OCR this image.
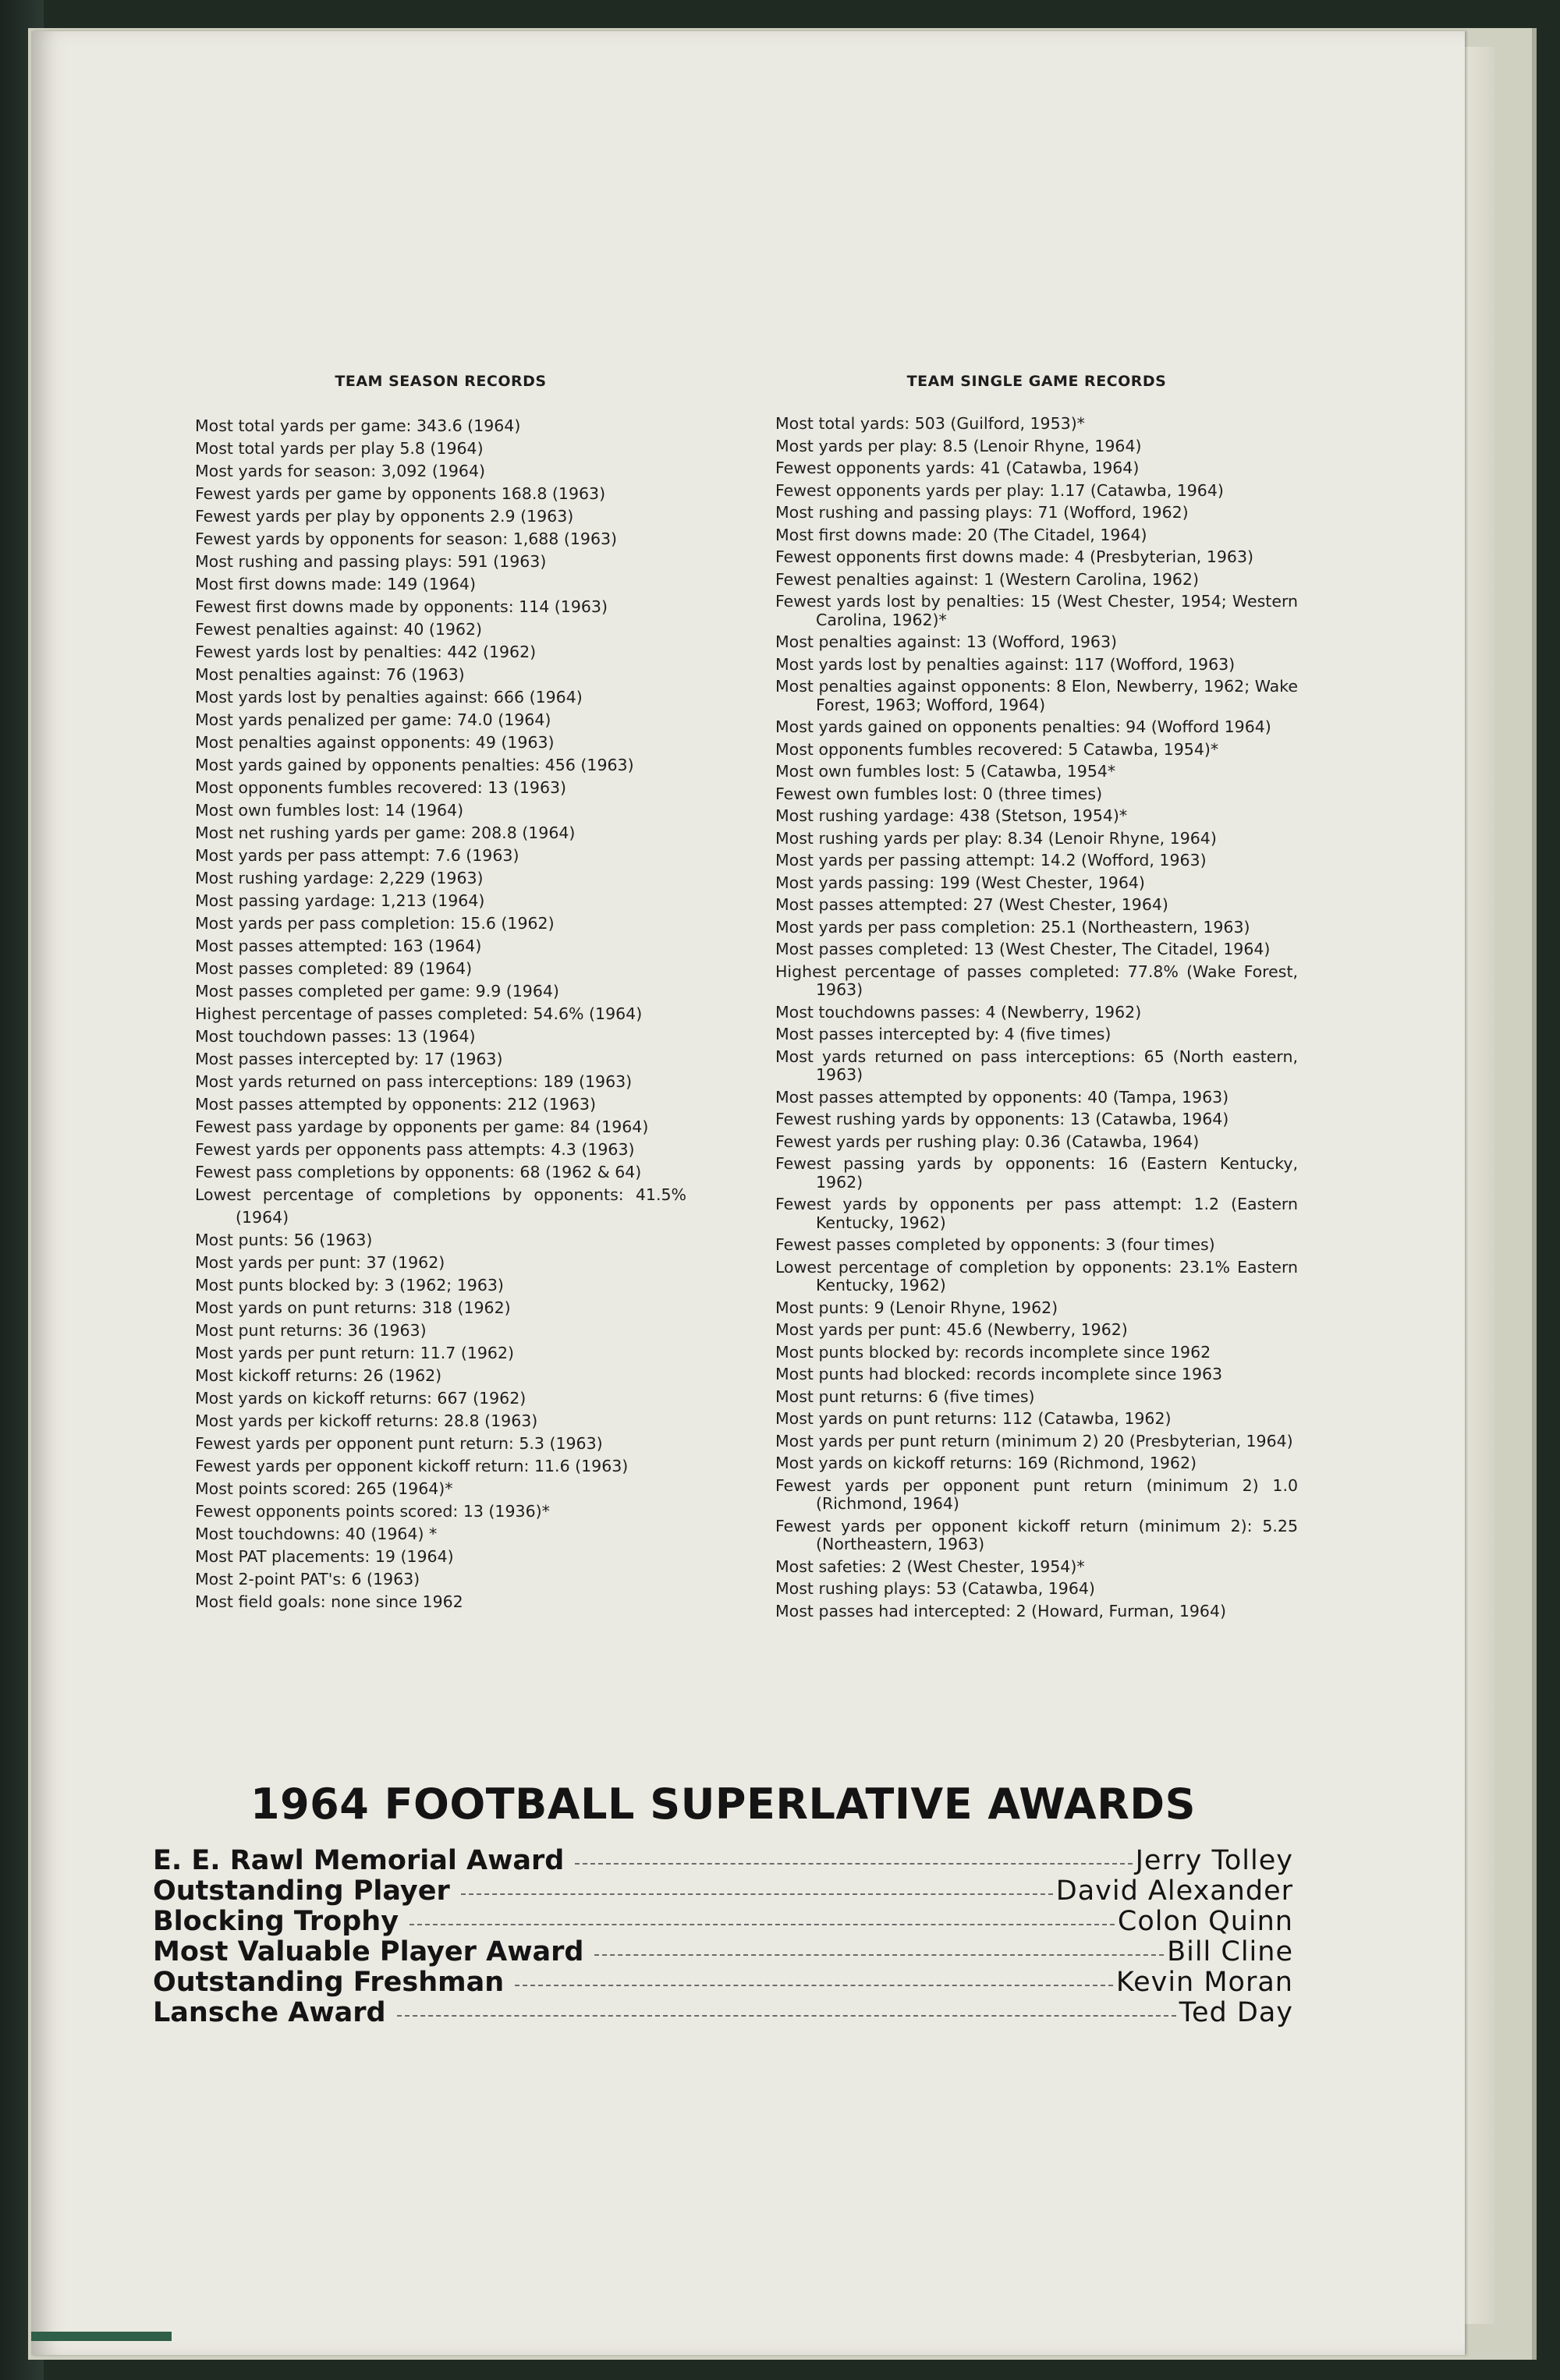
TEAM SEASON RECORDS
Most total yards per game: 343.6 (1964)
Most total yards per play 5.8 (1964)
Most yards for season: 3,092 (1964)
Fewest yards per game by opponents 168.8 (1963)
Fewest yards per play by opponents 2.9 (1963)
Fewest yards by opponents for season: 1,688 (1963)
Most rushing and passing plays: 591 (1963)
Most first downs made: 149 (1964)
Fewest first downs made by opponents: 114 (1963)
Fewest penalties against: 40 (1962)
Fewest yards lost by penalties: 442 (1962)
Most penalties against: 76 (1963)
Most yards lost by penalties against: 666 (1964)
Most yards penalized per game: 74.0 (1964)
Most penalties against opponents: 49 (1963)
Most yards gained by opponents penalties: 456 (1963)
Most opponents fumbles recovered: 13 (1963)
Most own fumbles lost: 14 (1964)
Most net rushing yards per game: 208.8 (1964)
Most yards per pass attempt: 7.6 (1963)
Most rushing yardage: 2,229 (1963)
Most passing yardage: 1,213 (1964)
Most yards per pass completion: 15.6 (1962)
Most passes attempted: 163 (1964)
Most passes completed: 89 (1964)
Most passes completed per game: 9.9 (1964)
Highest percentage of passes completed: 54.6% (1964)
Most touchdown passes: 13 (1964)
Most passes intercepted by: 17 (1963)
Most yards returned on pass interceptions: 189 (1963)
Most passes attempted by opponents: 212 (1963)
Fewest pass yardage by opponents per game: 84 (1964)
Fewest yards per opponents pass attempts: 4.3 (1963)
Fewest pass completions by opponents: 68 (1962 & 64)
Lowest percentage of completions by opponents: 41.5% (1964)
Most punts: 56 (1963)
Most yards per punt: 37 (1962)
Most punts blocked by: 3 (1962; 1963)
Most yards on punt returns: 318 (1962)
Most punt returns: 36 (1963)
Most yards per punt return: 11.7 (1962)
Most kickoff returns: 26 (1962)
Most yards on kickoff returns: 667 (1962)
Most yards per kickoff returns: 28.8 (1963)
Fewest yards per opponent punt return: 5.3 (1963)
Fewest yards per opponent kickoff return: 11.6 (1963)
Most points scored: 265 (1964)*
Fewest opponents points scored: 13 (1936)*
Most touchdowns: 40 (1964) *
Most PAT placements: 19 (1964)
Most 2-point PAT's: 6 (1963)
Most field goals: none since 1962
TEAM SINGLE GAME RECORDS
Most total yards: 503 (Guilford, 1953)*
Most yards per play: 8.5 (Lenoir Rhyne, 1964)
Fewest opponents yards: 41 (Catawba, 1964)
Fewest opponents yards per play: 1.17 (Catawba, 1964)
Most rushing and passing plays: 71 (Wofford, 1962)
Most first downs made: 20 (The Citadel, 1964)
Fewest opponents first downs made: 4 (Presbyterian, 1963)
Fewest penalties against: 1 (Western Carolina, 1962)
Fewest yards lost by penalties: 15 (West Chester, 1954; Western Carolina, 1962)*
Most penalties against: 13 (Wofford, 1963)
Most yards lost by penalties against: 117 (Wofford, 1963)
Most penalties against opponents: 8 Elon, Newberry, 1962; Wake Forest, 1963; Wofford, 1964)
Most yards gained on opponents penalties: 94 (Wofford 1964)
Most opponents fumbles recovered: 5 Catawba, 1954)*
Most own fumbles lost: 5 (Catawba, 1954*
Fewest own fumbles lost: 0 (three times)
Most rushing yardage: 438 (Stetson, 1954)*
Most rushing yards per play: 8.34 (Lenoir Rhyne, 1964)
Most yards per passing attempt: 14.2 (Wofford, 1963)
Most yards passing: 199 (West Chester, 1964)
Most passes attempted: 27 (West Chester, 1964)
Most yards per pass completion: 25.1 (Northeastern, 1963)
Most passes completed: 13 (West Chester, The Citadel, 1964)
Highest percentage of passes completed: 77.8% (Wake Forest, 1963)
Most touchdowns passes: 4 (Newberry, 1962)
Most passes intercepted by: 4 (five times)
Most yards returned on pass interceptions: 65 (North eastern, 1963)
Most passes attempted by opponents: 40 (Tampa, 1963)
Fewest rushing yards by opponents: 13 (Catawba, 1964)
Fewest yards per rushing play: 0.36 (Catawba, 1964)
Fewest passing yards by opponents: 16 (Eastern Kentucky, 1962)
Fewest yards by opponents per pass attempt: 1.2 (Eastern Kentucky, 1962)
Fewest passes completed by opponents: 3 (four times)
Lowest percentage of completion by opponents: 23.1% Eastern Kentucky, 1962)
Most punts: 9 (Lenoir Rhyne, 1962)
Most yards per punt: 45.6 (Newberry, 1962)
Most punts blocked by: records incomplete since 1962
Most punts had blocked: records incomplete since 1963
Most punt returns: 6 (five times)
Most yards on punt returns: 112 (Catawba, 1962)
Most yards per punt return (minimum 2) 20 (Presbyterian, 1964)
Most yards on kickoff returns: 169 (Richmond, 1962)
Fewest yards per opponent punt return (minimum 2) 1.0 (Richmond, 1964)
Fewest yards per opponent kickoff return (minimum 2): 5.25 (Northeastern, 1963)
Most safeties: 2 (West Chester, 1954)*
Most rushing plays: 53 (Catawba, 1964)
Most passes had intercepted: 2 (Howard, Furman, 1964)
1964 FOOTBALL SUPERLATIVE AWARDS
E. E. Rawl Memorial Award	Jerry Tolley
Outstanding Player	David Alexander
Blocking Trophy	Colon Quinn
Most Valuable Player Award	Bill Cline
Outstanding Freshman	Kevin Moran
Lansche Award	Ted Day
